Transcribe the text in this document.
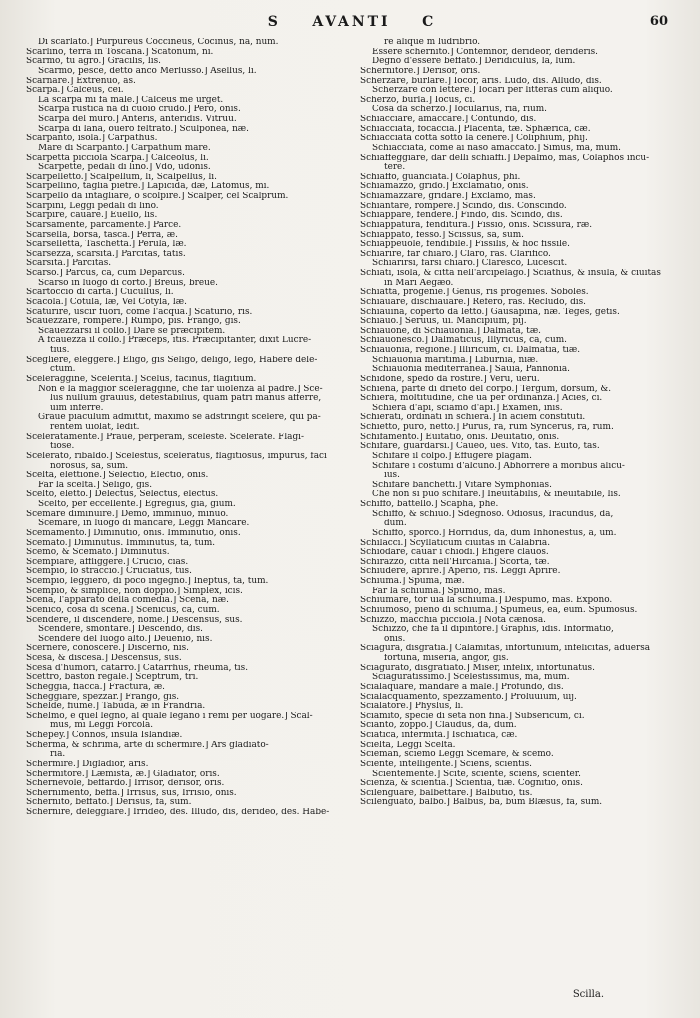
S AVANTI C	60

Di scarlato.] Purpureus Coccineus, Cocinus, na, num.

Scarlino, terra in Toscana.] Scatonum, ni.

Scarmo, tu agro.] Gracilis, lis.

Scarmo, pesce, detto anco Merlusso.] Asellus, li.

Scarnare.] Extrenuo, as.

Scarpa.] Calceus, cei.

La scarpa mi fa male.] Calceus me urget.

Scarpa rustica na di cuoio crudo.] Pero, onis.

Scarpa del muro.] Anteris, anteridis. Vitruu.

Scarpa di lana, ouero feltrato.] Sculponea, næ.

Scarpanto, isola.] Carpathus.

Mare di Scarpanto.] Carpathum mare.

Scarpetta picciola Scarpa.] Calceolus, li.

Scarpette, pedali di lino.] Vdo, udonis.

Scarpelletto.] Scalpellum, li, Scalpellus, li.

Scarpellino, taglia pietre.] Lapicida, dæ, Latomus, mi.

Scarpello da intagliare, o scolpire.] Scalper, cel Scalprum.

Scarpini, Leggi pedali di lino.

Scarpire, cauare.] Euello, lis.

Scarsamente, parcamente.] Parcè.

Scarsella, borsa, tasca.] Perra, æ.

Scarselletta, Taschetta.] Perula, læ.

Scarsezza, scarsità.] Parcitas, tatis.

Scarsità.] Parcitas.

Scarso.] Parcus, ca, cum Deparcus.

Scarso in luogo di corto.] Breuis, breue.

Scartoccio di carta.] Cucullus, li.

Scacola.] Cotula, læ, Vel Cotyla, læ.

Scaturire, uscir fuori, come l'acqua.] Scaturio, ris.

Scauezzare, rompere.] Rumpo, pis. Frango, gis.

Scauezzarsi il collo.] Dare se præcipitem.

A fcauezza il collo.] Præceps, itis. Præcipitanter, dixit Lucre-

tius.

Scegliere, eleggere.] Eligo, gis Seligo, deligo, lego, Habere dele-

ctum.

Sceleraggine, Scelerità.] Scelus, facinus, flagitium.

Non è la maggior sceleraggine, che far uiolenza al padre.] Sce-

lus nullum grauius, detestabilius, quam patri manus afferre,

uim inferre.

Graue piaculum admittit, maximo se adstringit scelere, qui pa-

rentem uiolat, ledit.

Sceleratamente.] Praue, perperam, scelestè. Scelerate. Flagi-

tiose.

Scelerato, ribaldo.] Scelestus, sceleratus, flagitiosus, impurus, faci

norosus, sa, sum.

Scelta, elettione.] Selectio, Electio, onis.

Far la scelta.] Seligo, gis.

Scelto, eletto.] Delectus, Selectus, electus.

Scelto, per eccellente.] Egregius, gia, gium.

Scemare diminuire.] Demo, imminuo, minuo.

Scemare, in luogo di mancare, Leggi Mancare.

Scemamento.] Diminutio, onis. Imminutio, onis.

Scemato.] Diminutus. Imminutus, ta, tum.

Scemo, & Scemato.] Diminutus.

Scempiare, affliggere.] Crucio, cias.

Scempio, lo straccio.] Cruciatus, tus.

Scempio, leggiero, di poco ingegno.] Ineptus, ta, tum.

Scempio, & simplice, non doppio.] Simplex, icis.

Scena, l'apparato della comedia.] Scena, næ.

Scenico, cosa di scena.] Scenicus, ca, cum.

Scendere, il discendere, nome.] Descensus, sus.

Scendere, smontare.] Descendo, dis.

Scendere del luogo alto.] Deuenio, nis.

Scernere, conoscere.] Discerno, nis.

Scesa, & discesa.] Descensus, sus.

Scesa d'humori, catarro.] Catarrhus, rheuma, tis.

Scettro, baston regale.] Sceptrum, tri.

Scheggia, fiacca.] Fractura, æ.

Scheggiare, spezzar.] Frango, gis.

Schelde, fiume.] Tabuda, æ in Frandria.

Schelmo, è quel legno, al quale legano i remi per uogare.] Scal-

mus, mi Leggi Forcola.

Schepey.] Connos, insula Islandiæ.

Scherma, & schrima, arte di schermire.] Ars gladiato-

ria.

Schermire.] Digladior, aris.

Schermitore.] Læmista, æ.] Gladiator, oris.

Schernevole, beffardo.] Irrisor, derisor, oris.

Schernimento, beffa.] Irrisus, sus, Irrisio, onis.

Schernito, beffato.] Derisus, fa, sum.

Schernire, deleggiare.] Irrideo, des. Illudo, dis, derideo, des. Habe-

re alique m ludribrio.

Essere schernito.] Contemnor, derideor, derideris.

Degno d'essere beffato.] Deridiculus, la, lum.

Schernitore.] Derisor, oris.

Scherzare, burlare.] Iocor, aris. Ludo, dis. Alludo, dis.

Scherzare con lettere.] Iocari per litteras cum aliquo.

Scherzo, burla.] Iocus, ci.

Cosa da scherzo.] Iocularius, ria, rium.

Schiacciare, amaccare.] Contundo, dis.

Schiacciata, focaccia.] Placenta, tæ. Sphærica, cæ.

Schiacciata cotta sotto la cenere.] Coliphium, phij.

Schiacciata, come ai naso amaccato.] Simus, ma, mum.

Schiaffeggiare, dar delli schiaffi.] Depalmo, mas, Colaphos incu-

tere.

Schiaffo, guanciata.] Colaphus, phi.

Schiamazzo, grido.] Exclamatio, onis.

Schiamazzare, gridare.] Exclamo, mas.

Schiantare, rompere.] Scindo, dis. Conscindo.

Schiappare, fendere.] Findo, dis. Scindo, dis.

Schiappatura, fenditura.] Fissio, onis. Scissura, ræ.

Schiappato, fesso.] Scissus, sa, sum.

Schiappeuole, fendibile.] Fissilis, & hoc fissile.

Schiarire, far chiaro.] Claro, ras. Clarifico.

Schiarirsi, farsi chiaro.] Claresco, Lucescit.

Schiati, isola, & citta nell'arcipelago.] Sciathus, & insula, & ciuitas

in Mari Aegæo.

Schiatta, progenie.] Genus, ris progenies. Soboles.

Schiauare, dischiauare.] Refero, ras. Recludo, dis.

Schiauina, coperto da letto.] Gausapina, næ. Teges, getis.

Schiauo.] Seruus, ui. Mancipium, pij.

Schiauone, di Schiauonia.] Dalmata, tæ.

Schiauonesco.] Dalmaticus, Illyricus, ca, cum.

Schiauonia, regione.] Illiricum, ci. Dalmatia, tiæ.

Schiauonia maritima.] Liburnia, niæ.

Schiauonia mediterranea.] Sauia, Pannonia.

Schidone, spedo da rostire.] Veru, ueru.

Schiena, parte di drieto del corpo.] Tergum, dorsum, &.

Schiera, moltitudine, che ua per ordinanza.] Acies, ci.

Schiera d'api, sciamo d'api.] Examen, inis.

Schierati, ordinati in schiera.] In aciem constituti.

Schietto, puro, netto.] Purus, ra, rum Syncerus, ra, rum.

Schifamento.] Euitatio, onis. Deuitatio, onis.

Schifare, guardarsi.] Caueo, ues. Vito, tas. Euito, tas.

Schifare il colpo.] Effugere plagam.

Schifare i costumi d'alcuno.] Abhorrere a moribus alicu-

ius.

Schifare banchetti.] Vitare Symphonias.

Che non si può schifare.] Ineuitabilis, & ineuitabile, lis.

Schiffo, battello.] Scapha, phe.

Schiffo, & schiuo.] Sdegnoso. Odiosus, Iracundus, da,

dum.

Schiffo, sporco.] Horridus, da, dum Inhonestus, a, um.

Schilacci.] Scyllaticum ciuitas in Calabria.

Schiodare, cauar i chiodi.] Efigere clauos.

Schirazzo, città nell'Hircania.] Scorta, tæ.

Schiudere, aprire.] Aperio, ris. Leggi Aprire.

Schiuma.] Spuma, mæ.

Far la schiuma.] Spumo, mas.

Schiumare, tor uia la schiuma.] Despumo, mas. Expono.

Schiumoso, pieno di schiuma.] Spumeus, ea, eum. Spumosus.

Schizzo, macchia picciola.] Nota cænosa.

Schizzo, che fa il dipintore.] Graphis, idis. Informatio,

onis.

Sciagura, disgratia.] Calamitas, infortunium, infelicitas, aduersa

fortuna, miseria, angor, gis.

Sciagurato, disgratiato.] Miser, infelix, infortunatus.

Sciaguratissimo.] Scelestissimus, ma, mum.

Scialaquare, mandare a male.] Profundo, dis.

Scialacquamento, spezzamento.] Proluuium, uij.

Scialatore.] Physlus, li.

Sciamito, specie di seta non fina.] Subsericum, ci.

Scianto, zoppo.] Claudus, da, dum.

Sciatica, infermità.] Ischiatica, cæ.

Scielta, Leggi Scelta.

Scieman, sciemo Leggi Scemare, & scemo.

Sciente, intelligente.] Sciens, scientis.

Scientemente.] Scitè, sciente, sciens, scienter.

Scienza, & scientia.] Scientia, tiæ. Cognitio, onis.

Scilenguare, balbettare.] Balbutio, tis.

Scilenguato, balbo.] Balbus, ba, bum Blæsus, fa, sum.

Scilla.
